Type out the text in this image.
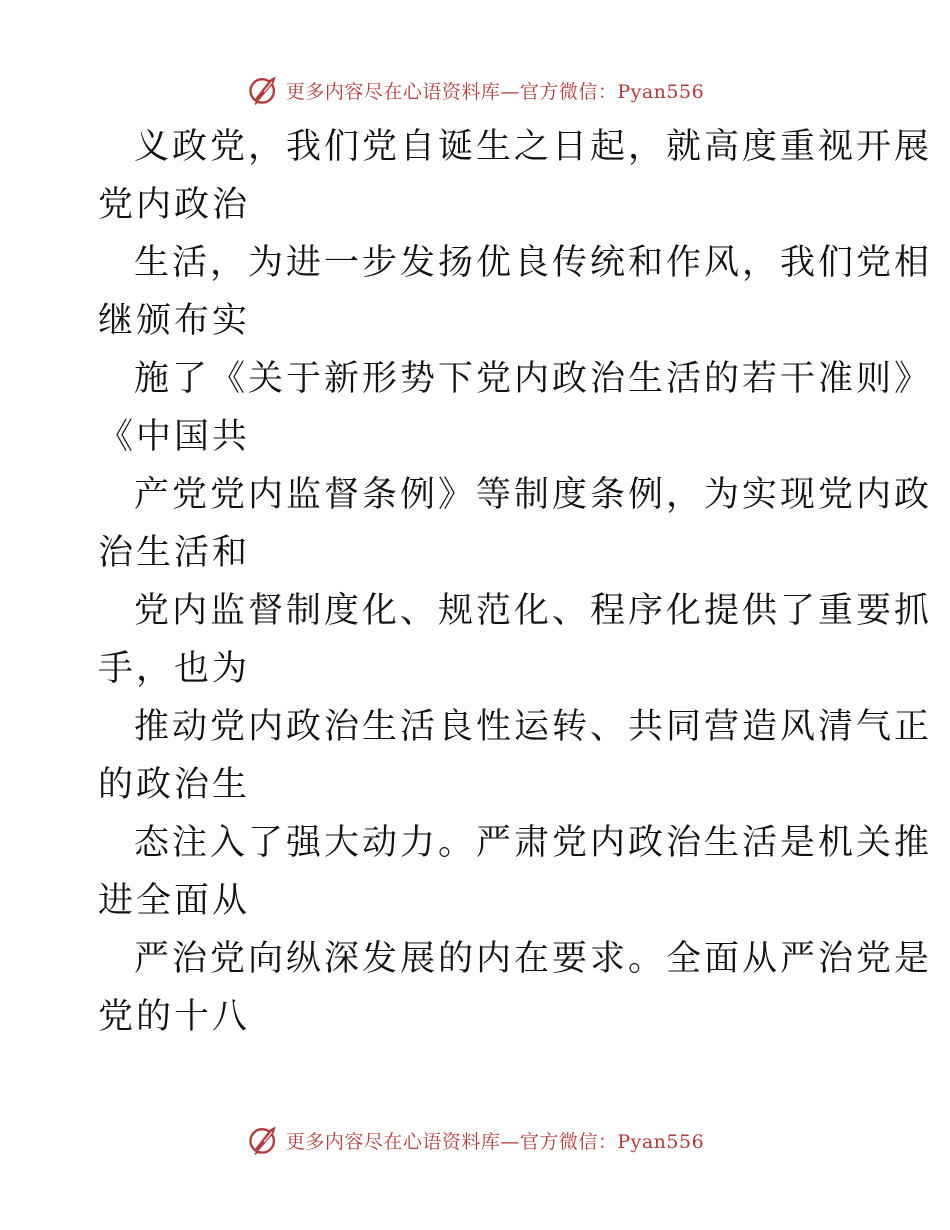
更多内容尽在心语资料库—官方微信：Pyan556
义政党，我们党自诞生之日起，就高度重视开展
党内政治
生活，为进一步发扬优良传统和作风，我们党相
继颁布实
施了《关于新形势下党内政治生活的若干准则》
《中国共
产党党内监督条例》等制度条例，为实现党内政
治生活和
党内监督制度化、规范化、程序化提供了重要抓
手，也为
推动党内政治生活良性运转、共同营造风清气正
的政治生
态注入了强大动力。严肃党内政治生活是机关推
进全面从
严治党向纵深发展的内在要求。全面从严治党是
党的十八
更多内容尽在心语资料库—官方微信：Pyan556
